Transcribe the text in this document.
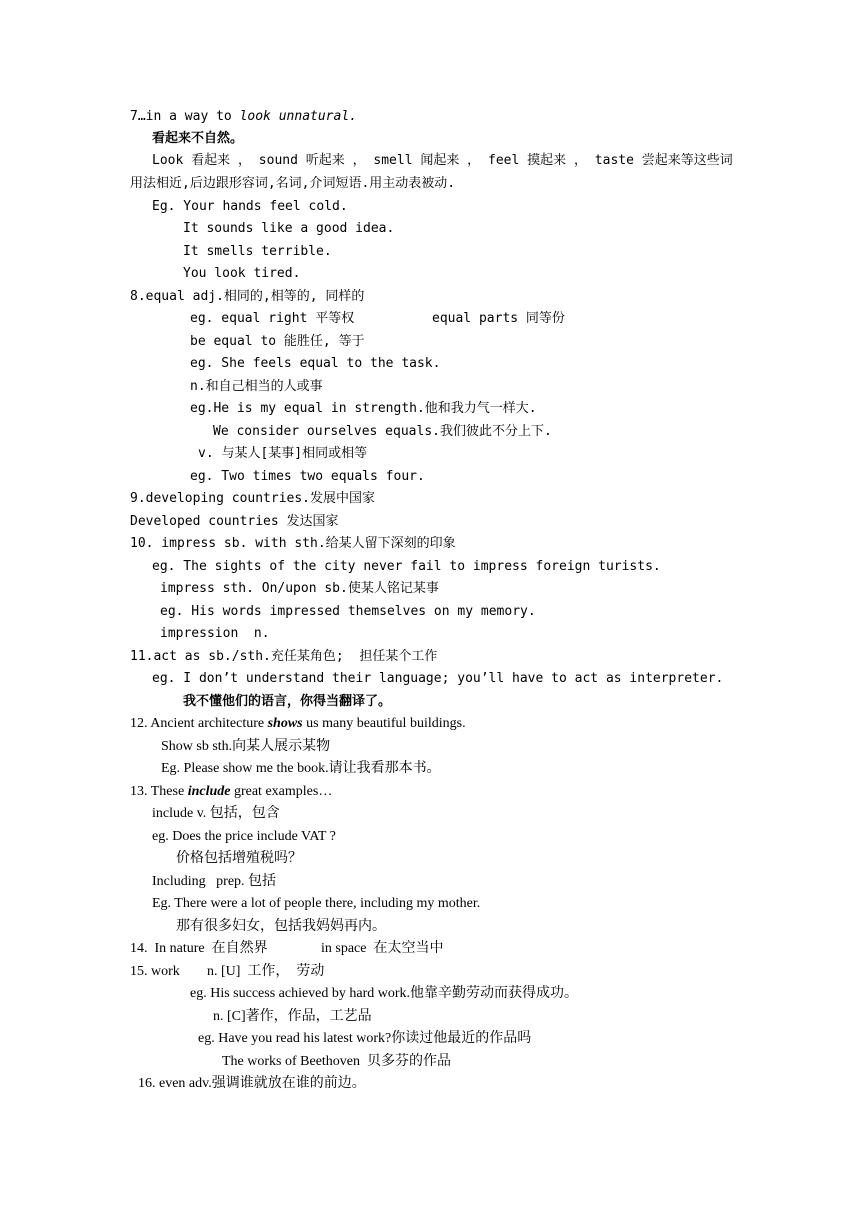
7…in a way to look unnatural.
看起来不自然。
Look 看起来 ， sound 听起来 ， smell 闻起来 ， feel 摸起来 ， taste 尝起来等这些词
用法相近,后边跟形容词,名词,介词短语.用主动表被动.
Eg. Your hands feel cold.
It sounds like a good idea.
It smells terrible.
You look tired.
8.equal adj.相同的,相等的, 同样的
eg. equal right 平等权	equal parts 同等份
be equal to 能胜任, 等于
eg. She feels equal to the task.
n.和自己相当的人或事
eg.He is my equal in strength.他和我力气一样大.
We consider ourselves equals.我们彼此不分上下.
v. 与某人[某事]相同或相等
eg. Two times two equals four.
9.developing countries.发展中国家
Developed countries 发达国家
10. impress sb. with sth.给某人留下深刻的印象
eg. The sights of the city never fail to impress foreign turists.
impress sth. On/upon sb.使某人铭记某事
eg. His words impressed themselves on my memory.
impression  n.
11.act as sb./sth.充任某角色;  担任某个工作
eg. I don’t understand their language; you’ll have to act as interpreter.
我不懂他们的语言，你得当翻译了。
12. Ancient architecture shows us many beautiful buildings.
Show sb sth.向某人展示某物
Eg. Please show me the book.请让我看那本书。
13. These include great examples…
include v. 包括，包含
eg. Does the price include VAT ?
价格包括增殖税吗？
Including   prep. 包括
Eg. There were a lot of people there, including my mother.
那有很多妇女，包括我妈妈再内。
14.  In nature  在自然界	in space  在太空当中
15. work n. [U]  工作，  劳动
eg. His success achieved by hard work.他靠辛勤劳动而获得成功。
n. [C]著作，作品，工艺品
eg. Have you read his latest work?你读过他最近的作品吗
The works of Beethoven  贝多芬的作品
16. even adv.强调谁就放在谁的前边。
